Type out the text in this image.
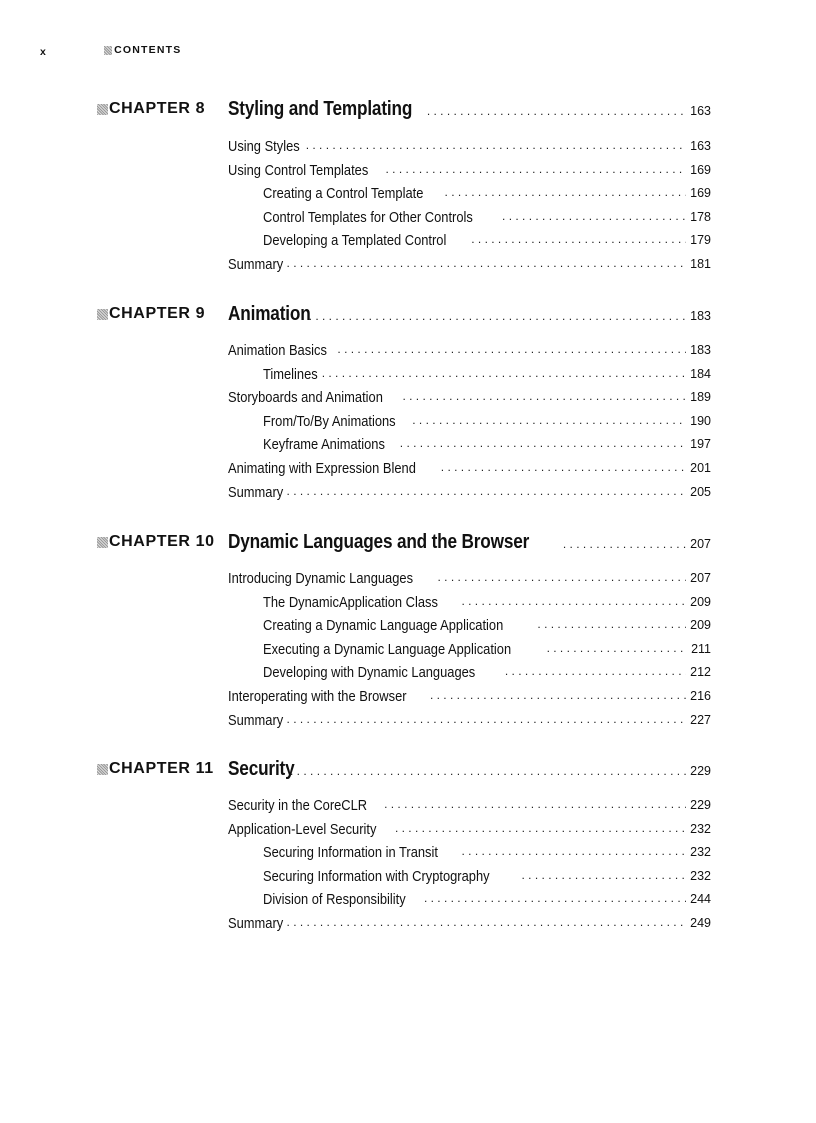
x	CONTENTS
CHAPTER 8 Styling and Templating . . .	163
Using Styles . . .	163
Using Control Templates . . .	169
Creating a Control Template . . .	169
Control Templates for Other Controls . . .	178
Developing a Templated Control . . .	179
Summary . . .	181
CHAPTER 9 Animation . . .	183
Animation Basics . . .	183
Timelines . . .	184
Storyboards and Animation . . .	189
From/To/By Animations . . .	190
Keyframe Animations . . .	197
Animating with Expression Blend . . .	201
Summary . . .	205
CHAPTER 10 Dynamic Languages and the Browser . . .	207
Introducing Dynamic Languages . . .	207
The DynamicApplication Class . . .	209
Creating a Dynamic Language Application . . .	209
Executing a Dynamic Language Application . . .	211
Developing with Dynamic Languages . . .	212
Interoperating with the Browser . . .	216
Summary . . .	227
CHAPTER 11 Security . . .	229
Security in the CoreCLR . . .	229
Application-Level Security . . .	232
Securing Information in Transit . . .	232
Securing Information with Cryptography . . .	232
Division of Responsibility . . .	244
Summary . . .	249
